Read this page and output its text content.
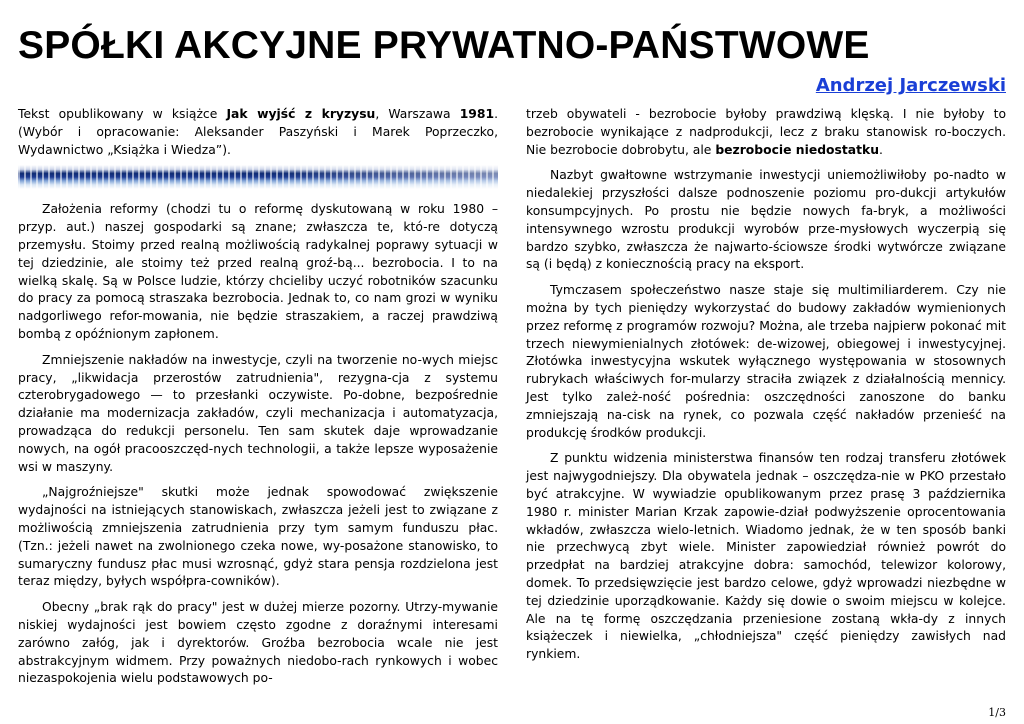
SPÓŁKI AKCYJNE PRYWATNO-PAŃSTWOWE
Andrzej Jarczewski

Tekst opublikowany w książce Jak wyjść z kryzysu, Warszawa 1981. (Wybór i opracowanie: Aleksander Paszyński i Marek Poprzeczko, Wydawnictwo „Książka i Wiedza”).

Założenia reformy (chodzi tu o reformę dyskutowaną w roku 1980 – przyp. aut.) naszej gospodarki są znane; zwłaszcza te, któ-re dotyczą przemysłu. Stoimy przed realną możliwością radykalnej poprawy sytuacji w tej dziedzinie, ale stoimy też przed realną groź-bą... bezrobocia. I to na wielką skalę. Są w Polsce ludzie, którzy chcieliby uczyć robotników szacunku do pracy za pomocą straszaka bezrobocia. Jednak to, co nam grozi w wyniku nadgorliwego refor-mowania, nie będzie straszakiem, a raczej prawdziwą bombą z opóźnionym zapłonem.

Zmniejszenie nakładów na inwestycje, czyli na tworzenie no-wych miejsc pracy, „likwidacja przerostów zatrudnienia", rezygna-cja z systemu czterobrygadowego — to przesłanki oczywiste. Po-dobne, bezpośrednie działanie ma modernizacja zakładów, czyli mechanizacja i automatyzacja, prowadząca do redukcji personelu. Ten sam skutek daje wprowadzanie nowych, na ogół pracooszczęd-nych technologii, a także lepsze wyposażenie wsi w maszyny.

„Najgroźniejsze" skutki może jednak spowodować zwiększenie wydajności na istniejących stanowiskach, zwłaszcza jeżeli jest to związane z możliwością zmniejszenia zatrudnienia przy tym samym funduszu płac. (Tzn.: jeżeli nawet na zwolnionego czeka nowe, wy-posażone stanowisko, to sumaryczny fundusz płac musi wzrosnąć, gdyż stara pensja rozdzielona jest teraz między, byłych współpra-cowników).

Obecny „brak rąk do pracy" jest w dużej mierze pozorny. Utrzy-mywanie niskiej wydajności jest bowiem często zgodne z doraźnymi interesami zarówno załóg, jak i dyrektorów. Groźba bezrobocia wcale nie jest abstrakcyjnym widmem. Przy poważnych niedobo-rach rynkowych i wobec niezaspokojenia wielu podstawowych po-

trzeb obywateli - bezrobocie byłoby prawdziwą klęską. I nie byłoby to bezrobocie wynikające z nadprodukcji, lecz z braku stanowisk ro-boczych. Nie bezrobocie dobrobytu, ale bezrobocie niedostatku.

Nazbyt gwałtowne wstrzymanie inwestycji uniemożliwiłoby po-nadto w niedalekiej przyszłości dalsze podnoszenie poziomu pro-dukcji artykułów konsumpcyjnych. Po prostu nie będzie nowych fa-bryk, a możliwości intensywnego wzrostu produkcji wyrobów prze-mysłowych wyczerpią się bardzo szybko, zwłaszcza że najwarto-ściowsze środki wytwórcze związane są (i będą) z koniecznością pracy na eksport.

Tymczasem społeczeństwo nasze staje się multimiliarderem. Czy nie można by tych pieniędzy wykorzystać do budowy zakładów wymienionych przez reformę z programów rozwoju? Można, ale trzeba najpierw pokonać mit trzech niewymienialnych złotówek: de-wizowej, obiegowej i inwestycyjnej. Złotówka inwestycyjna wskutek wyłącznego występowania w stosownych rubrykach właściwych for-mularzy straciła związek z działalnością mennicy. Jest tylko zależ-ność pośrednia: oszczędności zanoszone do banku zmniejszają na-cisk na rynek, co pozwala część nakładów przenieść na produkcję środków produkcji.

Z punktu widzenia ministerstwa finansów ten rodzaj transferu złotówek jest najwygodniejszy. Dla obywatela jednak – oszczędza-nie w PKO przestało być atrakcyjne. W wywiadzie opublikowanym przez prasę 3 października 1980 r. minister Marian Krzak zapowie-dział podwyższenie oprocentowania wkładów, zwłaszcza wielo-letnich. Wiadomo jednak, że w ten sposób banki nie przechwycą zbyt wiele. Minister zapowiedział również powrót do przedpłat na bardziej atrakcyjne dobra: samochód, telewizor kolorowy, domek. To przedsięwzięcie jest bardzo celowe, gdyż wprowadzi niezbędne w tej dziedzinie uporządkowanie. Każdy się dowie o swoim miejscu w kolejce. Ale na tę formę oszczędzania przeniesione zostaną wkła-dy z innych książeczek i niewielka, „chłodniejsza" część pieniędzy zawisłych nad rynkiem.

1/3
